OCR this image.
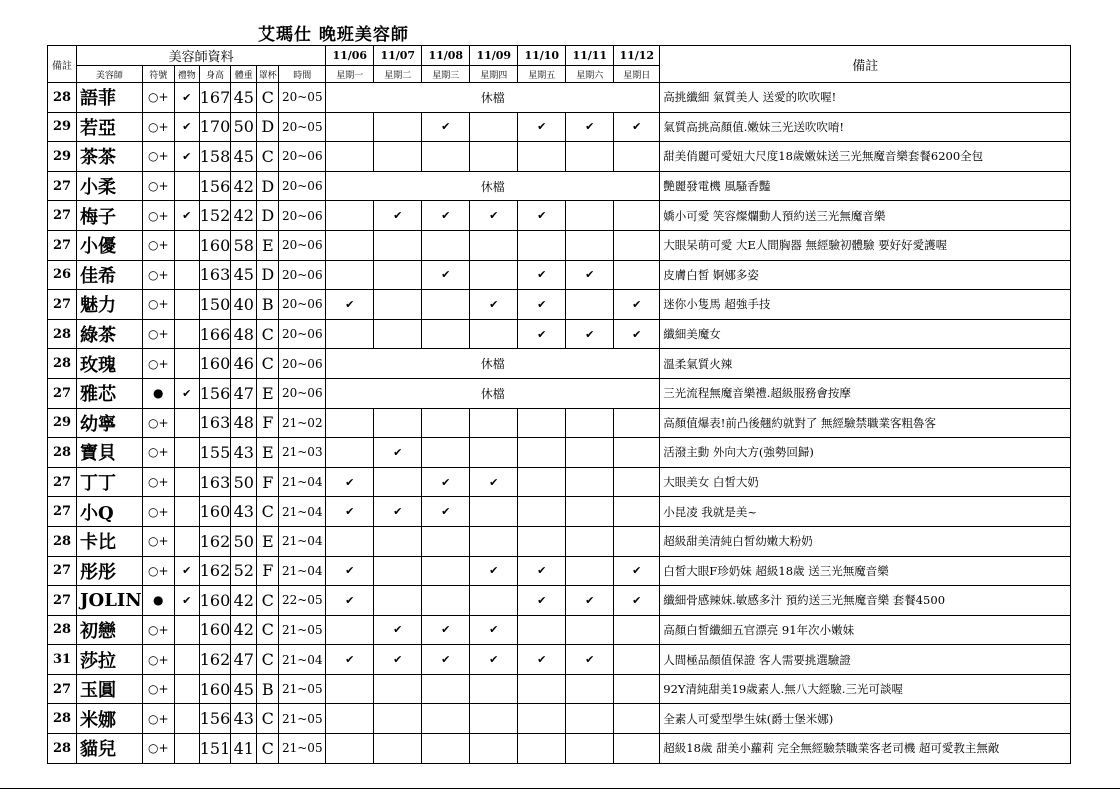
艾瑪仕 晚班美容師
備註	美容師資料							11/06	11/07	11/08	11/09	11/10	11/11	11/12	備註
	美容師	符號	禮物	身高	體重	罩杯	時間	星期一	星期二	星期三	星期四	星期五	星期六	星期日	
28	語菲	○+	✔	167	45	C	20~05	休檔							高挑纖細 氣質美人 送愛的吹吹喔!
29	若亞	○+	✔	170	50	D	20~05			✔		✔	✔	✔	氣質高挑高顏值.嫩妹三光送吹吹唷!
29	茶茶	○+	✔	158	45	C	20~06								甜美俏麗可愛妞大尺度18歲嫩妹送三光無魔音樂套餐6200全包
27	小柔	○+		156	42	D	20~06	休檔							艷麗發電機 風騷香豔
27	梅子	○+	✔	152	42	D	20~06		✔	✔	✔	✔			嬌小可愛 笑容燦爛動人預約送三光無魔音樂
27	小優	○+		160	58	E	20~06								大眼呆萌可愛 大E人間胸器 無經驗初體驗 要好好愛護喔
26	佳希	○+		163	45	D	20~06			✔		✔	✔		皮膚白皙 婀娜多姿
27	魅力	○+		150	40	B	20~06	✔			✔	✔		✔	迷你小隻馬 超強手技
28	綠茶	○+		166	48	C	20~06					✔	✔	✔	纖細美魔女
28	玫瑰	○+		160	46	C	20~06	休檔							溫柔氣質火辣
27	雅芯	●	✔	156	47	E	20~06	休檔							三光流程無魔音樂禮.超級服務會按摩
29	幼寧	○+		163	48	F	21~02								高顏值爆表!前凸後翹約就對了 無經驗禁職業客粗魯客
28	寶貝	○+		155	43	E	21~03		✔						活潑主動 外向大方(強勢回歸)
27	丁丁	○+		163	50	F	21~04	✔		✔	✔				大眼美女 白皙大奶
27	小Q	○+		160	43	C	21~04	✔	✔	✔					小昆凌 我就是美~
28	卡比	○+		162	50	E	21~04								超級甜美清純白皙幼嫩大粉奶
27	彤彤	○+	✔	162	52	F	21~04	✔			✔	✔		✔	白皙大眼F珍奶妹 超級18歲 送三光無魔音樂
27	JOLIN	●	✔	160	42	C	22~05	✔				✔	✔	✔	纖細骨感辣妹.敏感多汁 預約送三光無魔音樂 套餐4500
28	初戀	○+		160	42	C	21~05		✔	✔	✔				高顏白皙纖細五官漂亮 91年次小嫩妹
31	莎拉	○+		162	47	C	21~04	✔	✔	✔	✔	✔	✔		人間極品顏值保證 客人需要挑選驗證
27	玉圓	○+		160	45	B	21~05								92Y清純甜美19歲素人.無八大經驗.三光可談喔
28	米娜	○+		156	43	C	21~05								全素人可愛型學生妹(爵士堡米娜)
28	貓兒	○+		151	41	C	21~05								超級18歲 甜美小蘿莉 完全無經驗禁職業客老司機 超可愛教主無敵
